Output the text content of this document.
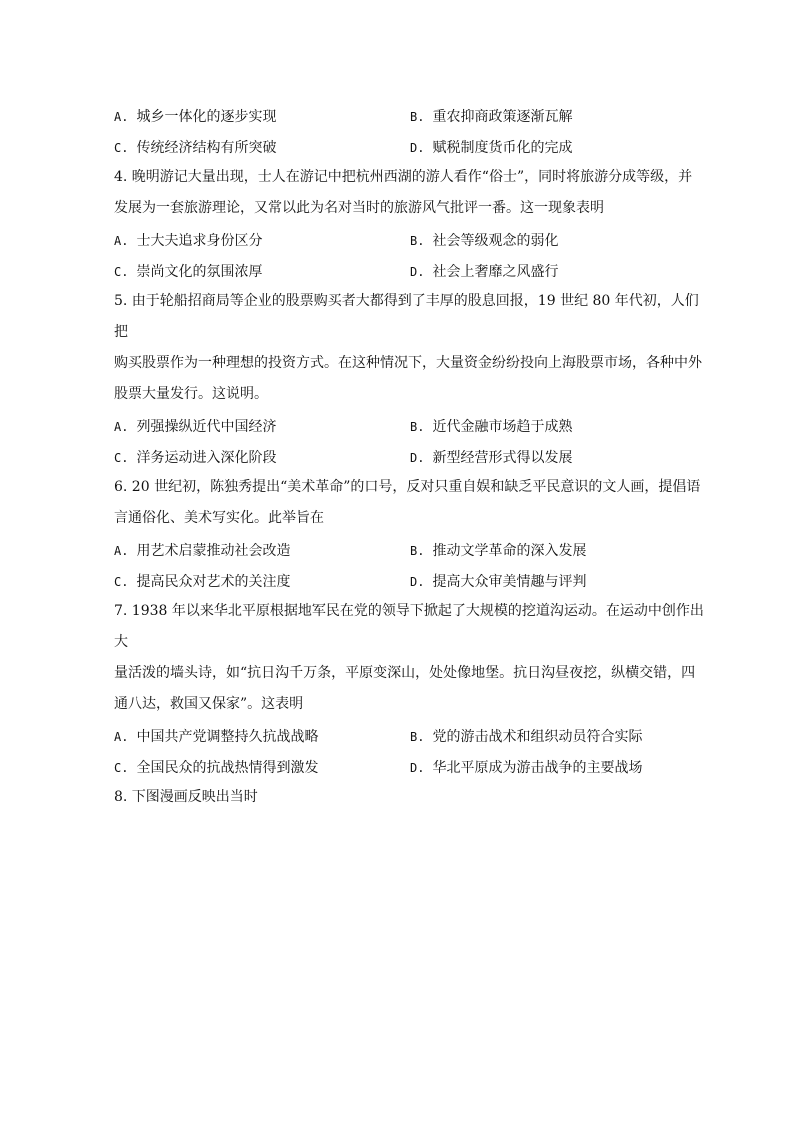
A. 城乡一体化的逐步实现	B. 重农抑商政策逐渐瓦解
C. 传统经济结构有所突破	D. 赋税制度货币化的完成

4. 晚明游记大量出现，士人在游记中把杭州西湖的游人看作“俗士”，同时将旅游分成等级，并
发展为一套旅游理论，又常以此为名对当时的旅游风气批评一番。这一现象表明

A. 士大夫追求身份区分	B. 社会等级观念的弱化
C. 崇尚文化的氛围浓厚	D. 社会上奢靡之风盛行

5. 由于轮船招商局等企业的股票购买者大都得到了丰厚的股息回报，19 世纪 80 年代初，人们把
购买股票作为一种理想的投资方式。在这种情况下，大量资金纷纷投向上海股票市场，各种中外
股票大量发行。这说明。

A. 列强操纵近代中国经济	B. 近代金融市场趋于成熟
C. 洋务运动进入深化阶段	D. 新型经营形式得以发展

6. 20 世纪初，陈独秀提出“美术革命”的口号，反对只重自娱和缺乏平民意识的文人画，提倡语
言通俗化、美术写实化。此举旨在

A. 用艺术启蒙推动社会改造	B. 推动文学革命的深入发展
C. 提高民众对艺术的关注度	D. 提高大众审美情趣与评判

7. 1938 年以来华北平原根据地军民在党的领导下掀起了大规模的挖道沟运动。在运动中创作出大
量活泼的墙头诗，如“抗日沟千万条，平原变深山，处处像地堡。抗日沟昼夜挖，纵横交错，四
通八达，救国又保家”。这表明

A. 中国共产党调整持久抗战战略	B. 党的游击战术和组织动员符合实际
C. 全国民众的抗战热情得到激发	D. 华北平原成为游击战争的主要战场

8. 下图漫画反映出当时
